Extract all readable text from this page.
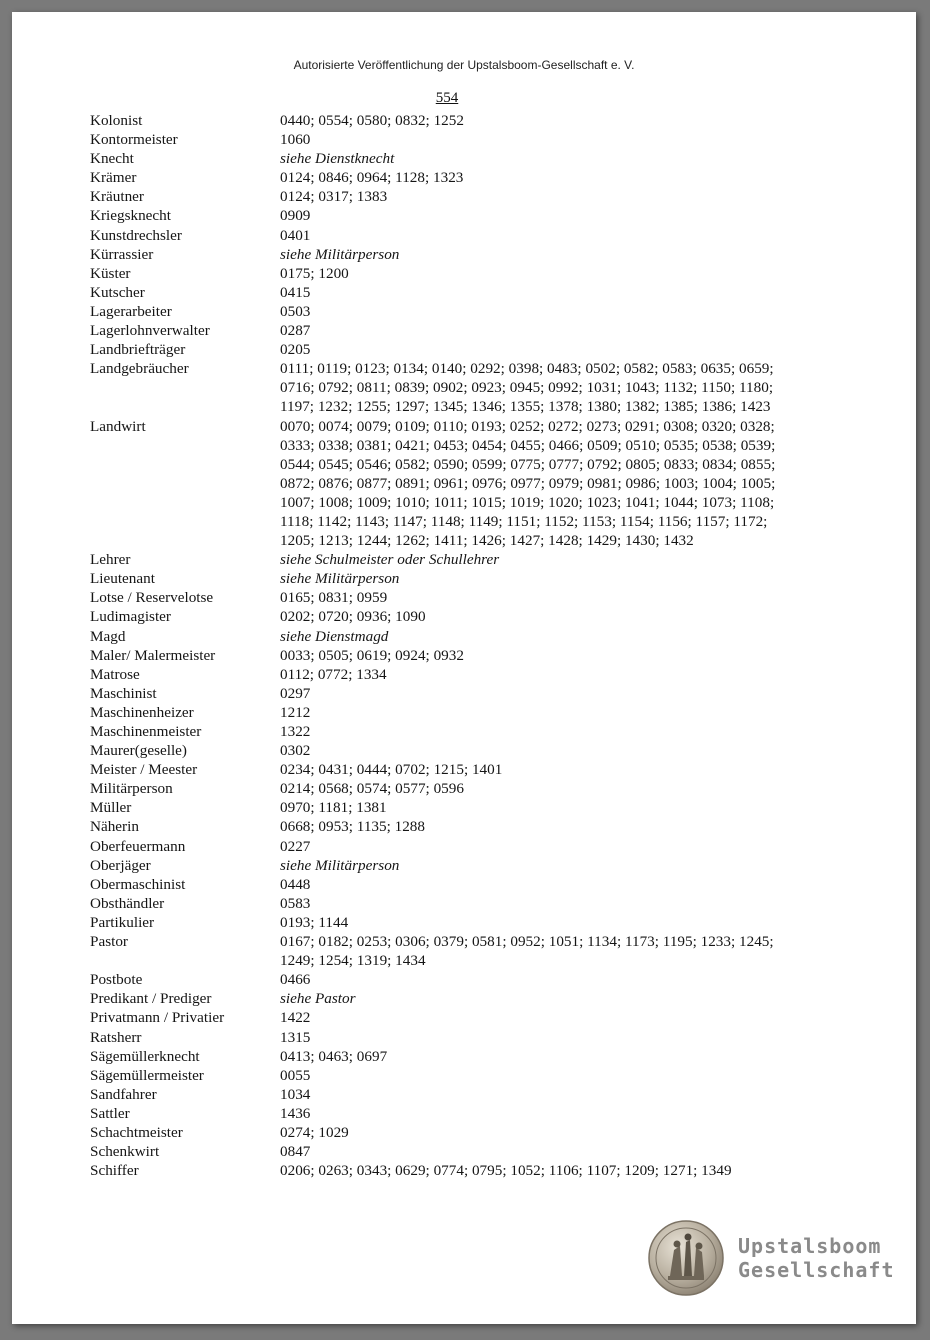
Autorisierte Veröffentlichung der Upstalsboom-Gesellschaft e. V.
554
Kolonist	0440; 0554; 0580; 0832; 1252
Kontormeister	1060
Knecht	siehe Dienstknecht
Krämer	0124; 0846; 0964; 1128; 1323
Kräutner	0124; 0317; 1383
Kriegsknecht	0909
Kunstdrechsler	0401
Kürrassier	siehe Militärperson
Küster	0175; 1200
Kutscher	0415
Lagerarbeiter	0503
Lagerlohnverwalter	0287
Landbriefträger	0205
Landgebräucher	0111; 0119; 0123; 0134; 0140; 0292; 0398; 0483; 0502; 0582; 0583; 0635; 0659; 0716; 0792; 0811; 0839; 0902; 0923; 0945; 0992; 1031; 1043; 1132; 1150; 1180; 1197; 1232; 1255; 1297; 1345; 1346; 1355; 1378; 1380; 1382; 1385; 1386; 1423
Landwirt	0070; 0074; 0079; 0109; 0110; 0193; 0252; 0272; 0273; 0291; 0308; 0320; 0328; 0333; 0338; 0381; 0421; 0453; 0454; 0455; 0466; 0509; 0510; 0535; 0538; 0539; 0544; 0545; 0546; 0582; 0590; 0599; 0775; 0777; 0792; 0805; 0833; 0834; 0855; 0872; 0876; 0877; 0891; 0961; 0976; 0977; 0979; 0981; 0986; 1003; 1004; 1005; 1007; 1008; 1009; 1010; 1011; 1015; 1019; 1020; 1023; 1041; 1044; 1073; 1108; 1118; 1142; 1143; 1147; 1148; 1149; 1151; 1152; 1153; 1154; 1156; 1157; 1172; 1205; 1213; 1244; 1262; 1411; 1426; 1427; 1428; 1429; 1430; 1432
Lehrer	siehe Schulmeister oder Schullehrer
Lieutenant	siehe Militärperson
Lotse / Reservelotse	0165; 0831; 0959
Ludimagister	0202; 0720; 0936; 1090
Magd	siehe Dienstmagd
Maler/ Malermeister	0033; 0505; 0619; 0924; 0932
Matrose	0112; 0772; 1334
Maschinist	0297
Maschinenheizer	1212
Maschinenmeister	1322
Maurer(geselle)	0302
Meister / Meester	0234; 0431; 0444; 0702; 1215; 1401
Militärperson	0214; 0568; 0574; 0577; 0596
Müller	0970; 1181; 1381
Näherin	0668; 0953; 1135; 1288
Oberfeuermann	0227
Oberjäger	siehe Militärperson
Obermaschinist	0448
Obsthändler	0583
Partikulier	0193; 1144
Pastor	0167; 0182; 0253; 0306; 0379; 0581; 0952; 1051; 1134; 1173; 1195; 1233; 1245; 1249; 1254; 1319; 1434
Postbote	0466
Predikant / Prediger	siehe Pastor
Privatmann / Privatier	1422
Ratsherr	1315
Sägemüllerknecht	0413; 0463; 0697
Sägemüllermeister	0055
Sandfahrer	1034
Sattler	1436
Schachtmeister	0274; 1029
Schenkwirt	0847
Schiffer	0206; 0263; 0343; 0629; 0774; 0795; 1052; 1106; 1107; 1209; 1271; 1349
Upstalsboom
Gesellschaft
